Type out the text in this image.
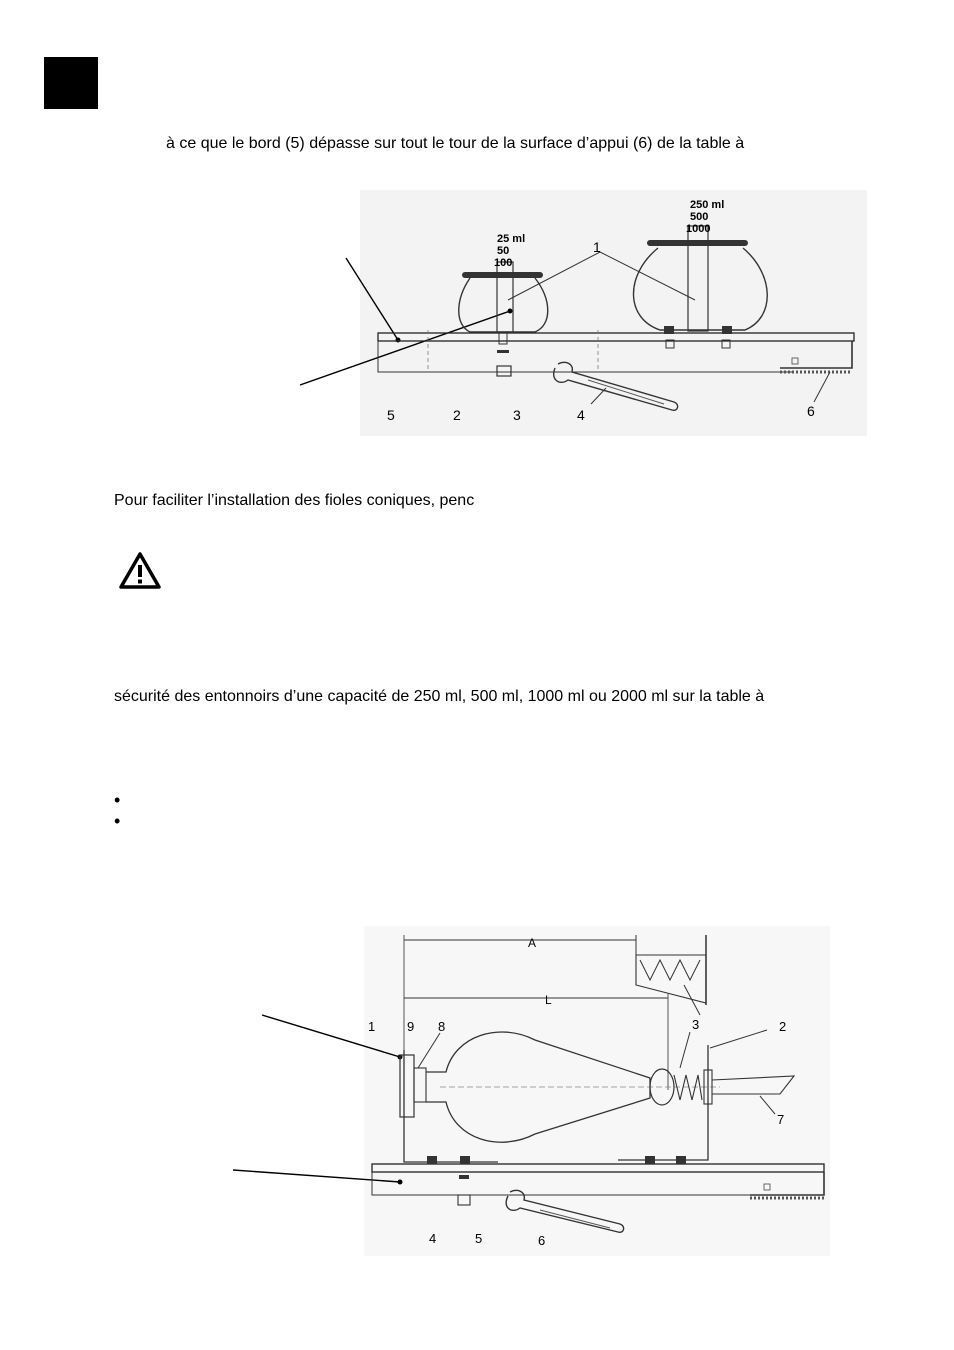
à ce que le bord (5) dépasse sur tout le tour de la surface d’appui (6) de la table à
25 ml
50
100
250 ml
500
1000
1
2	3	4
5	6
Pour faciliter l’installation des fioles coniques, penc
sécurité des entonnoirs d’une capacité de 250 ml, 500 ml, 1000 ml ou 2000 ml sur la table à
•
•
A
L
1 9 8	3	2
7
4	5	6
